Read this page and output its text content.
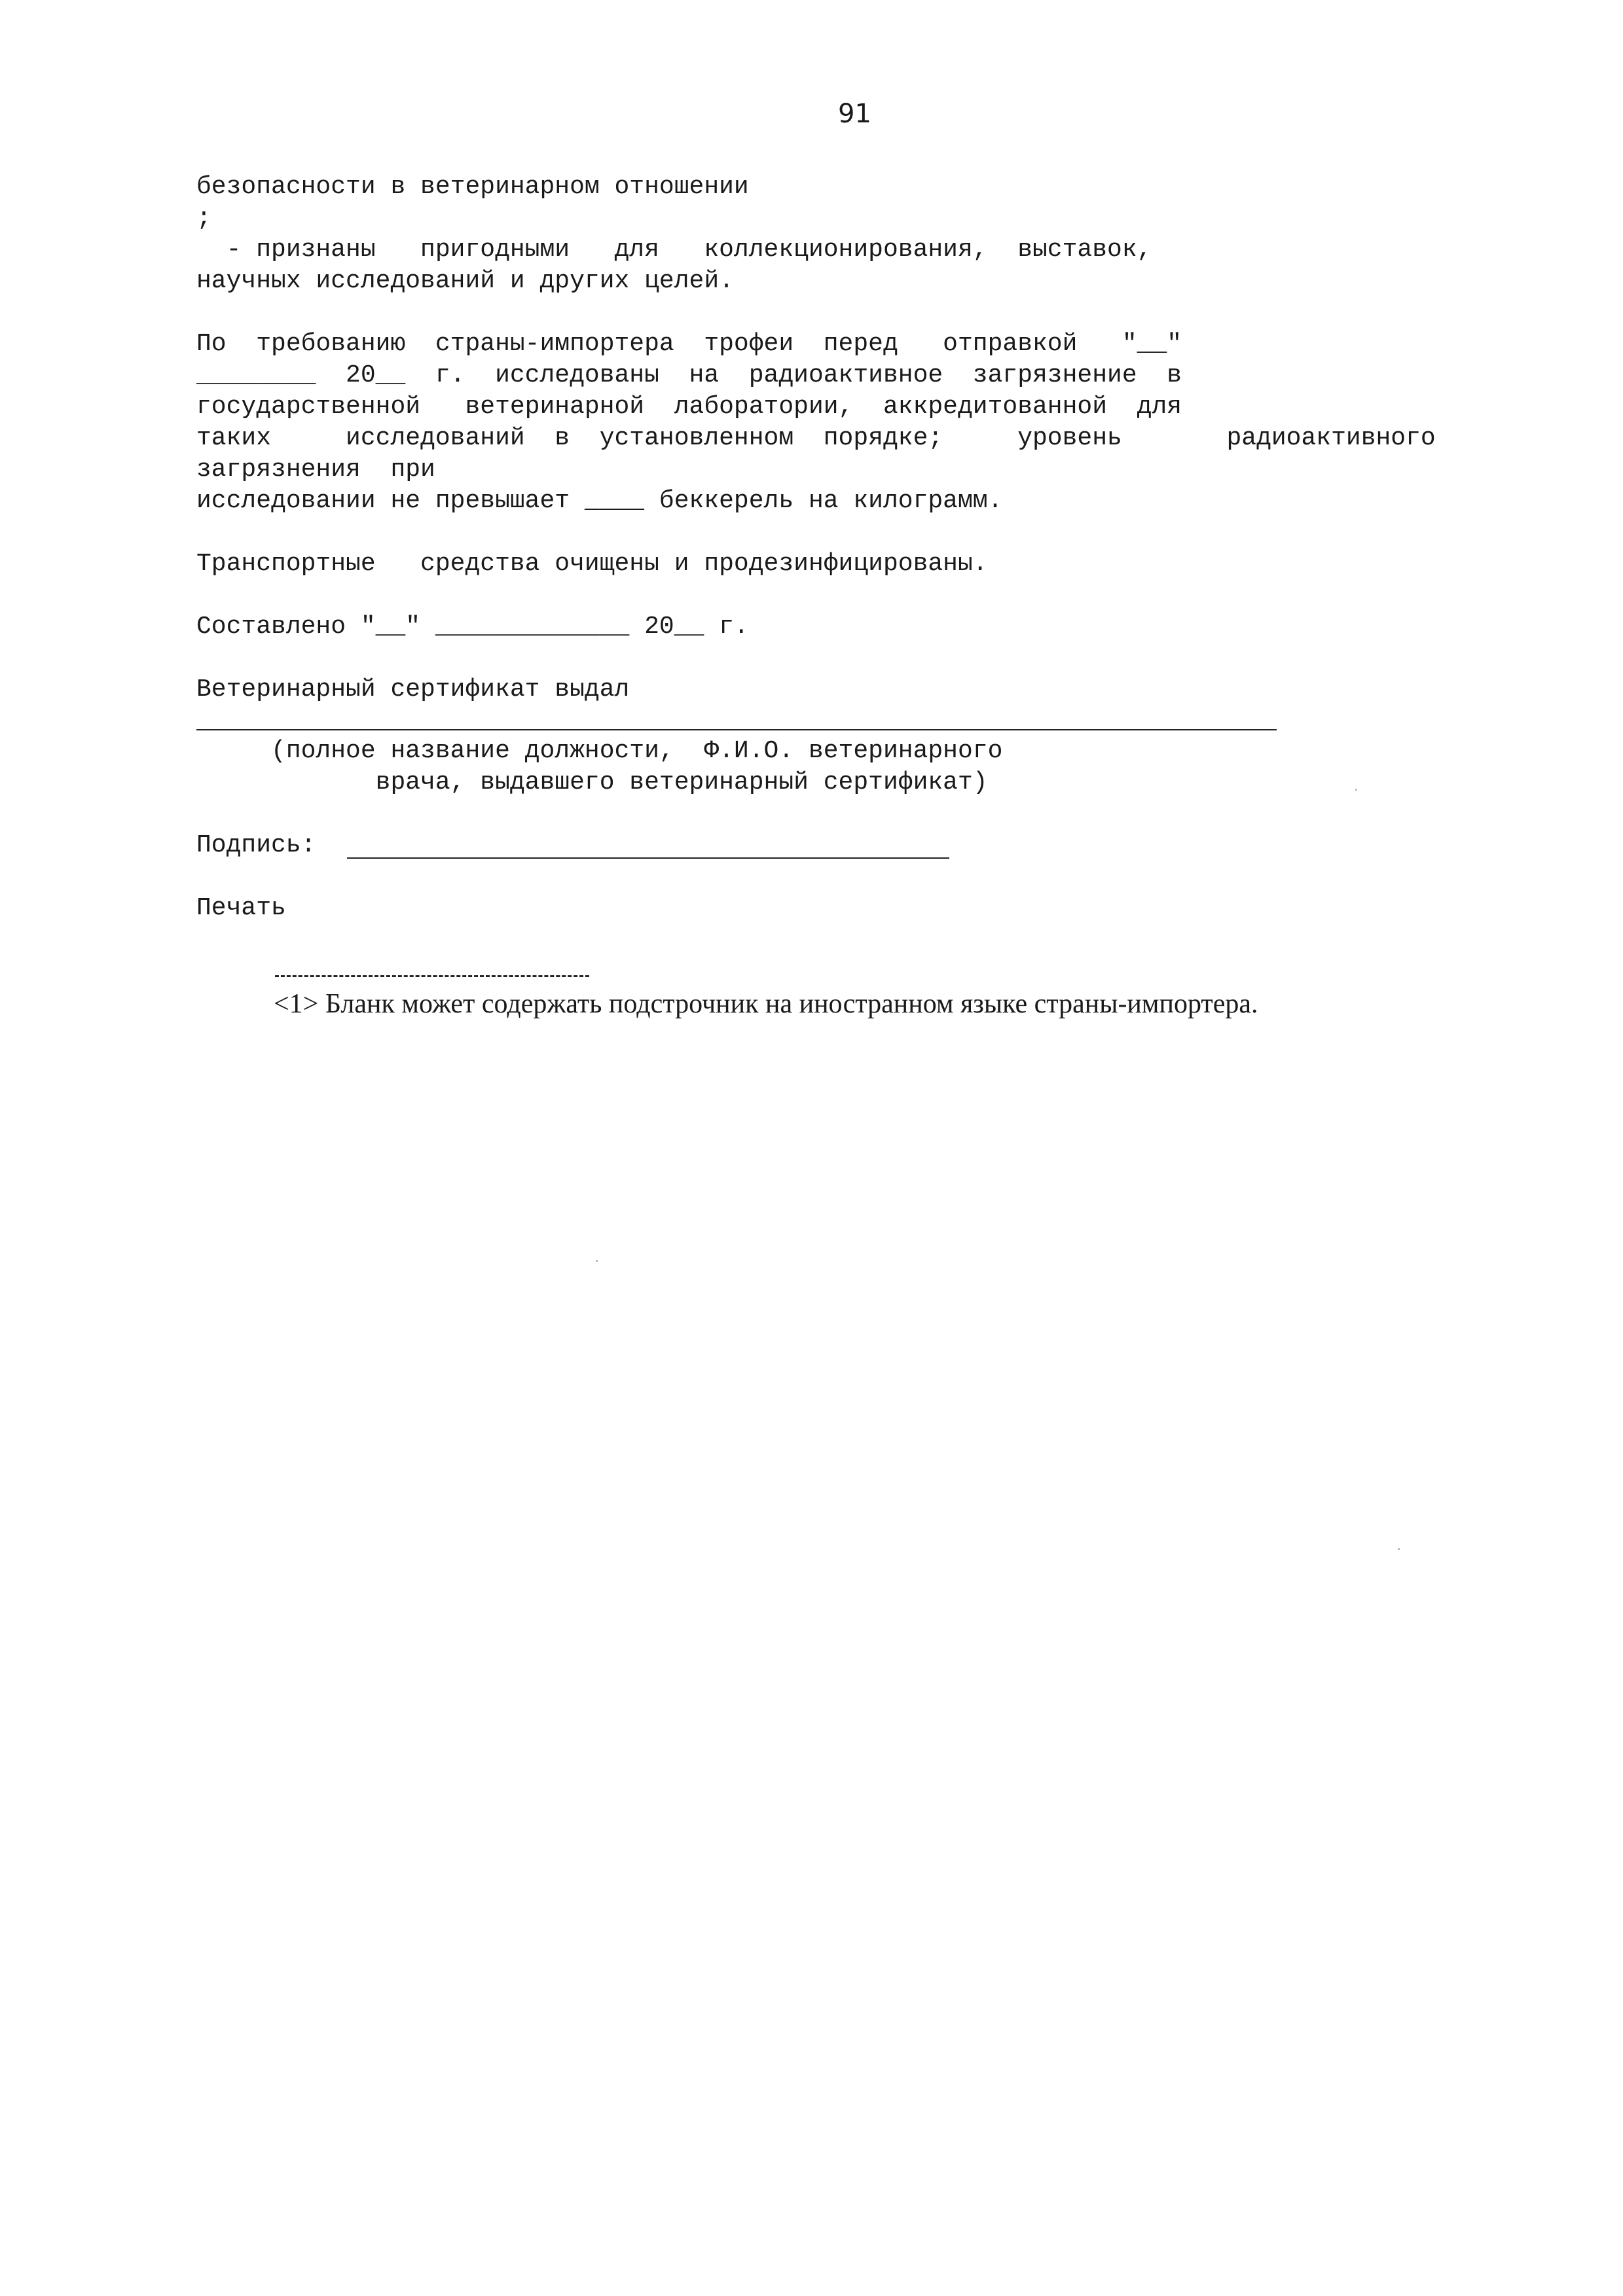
91
безопасности в ветеринарном отношении
;
- признаны   пригодными   для   коллекционирования,  выставок,
научных исследований и других целей.
По  требованию  страны-импортера  трофеи  перед   отправкой   "__"
________  20__  г.  исследованы  на  радиоактивное  загрязнение  в
государственной   ветеринарной  лаборатории,  аккредитованной  для
таких     исследований  в  установленном  порядке;     уровень       радиоактивного
загрязнения  при
исследовании не превышает ____ беккерель на килограмм.
Транспортные   средства очищены и продезинфицированы.
Составлено "__" _____________ 20__ г.
Ветеринарный сертификат выдал
(полное название должности,  Ф.И.О. ветеринарного
врача, выдавшего ветеринарный сертификат)
Подпись:
Печать
<1> Бланк может содержать подстрочник на иностранном языке страны-импортера.
